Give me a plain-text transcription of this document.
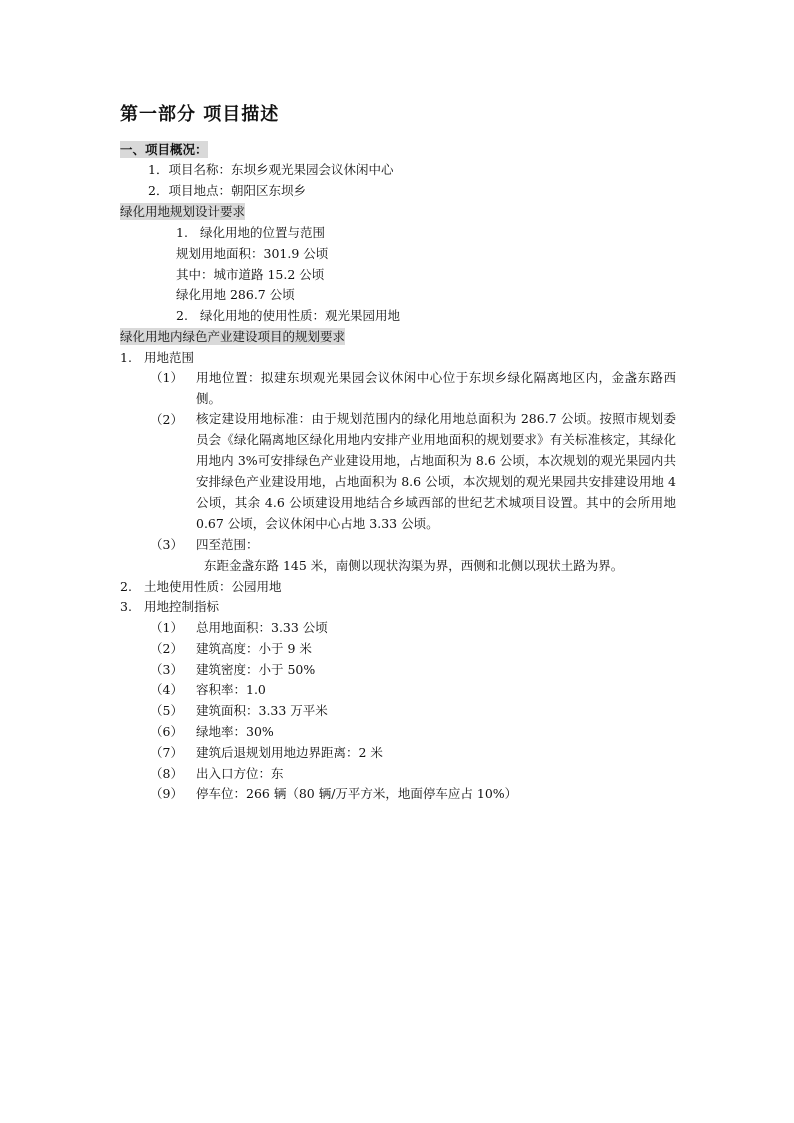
第一部分 项目描述
一、项目概况：
1．项目名称：东坝乡观光果园会议休闲中心
2．项目地点：朝阳区东坝乡
绿化用地规划设计要求
1. 绿化用地的位置与范围
规划用地面积：301.9 公顷
其中：城市道路 15.2 公顷
绿化用地 286.7 公顷
2. 绿化用地的使用性质：观光果园用地
绿化用地内绿色产业建设项目的规划要求
1. 用地范围
（1） 用地位置：拟建东坝观光果园会议休闲中心位于东坝乡绿化隔离地区内，金盏东路西侧。
（2） 核定建设用地标准：由于规划范围内的绿化用地总面积为 286.7 公顷。按照市规划委员会《绿化隔离地区绿化用地内安排产业用地面积的规划要求》有关标准核定，其绿化用地内 3%可安排绿色产业建设用地，占地面积为 8.6 公顷，本次规划的观光果园内共安排绿色产业建设用地，占地面积为 8.6 公顷，本次规划的观光果园共安排建设用地 4 公顷，其余 4.6 公顷建设用地结合乡域西部的世纪艺术城项目设置。其中的会所用地 0.67 公顷，会议休闲中心占地 3.33 公顷。
（3） 四至范围：
东距金盏东路 145 米，南侧以现状沟渠为界，西侧和北侧以现状土路为界。
2. 土地使用性质：公园用地
3. 用地控制指标
（1） 总用地面积：3.33 公顷
（2） 建筑高度：小于 9 米
（3） 建筑密度：小于 50%
（4） 容积率：1.0
（5） 建筑面积：3.33 万平米
（6） 绿地率：30%
（7） 建筑后退规划用地边界距离：2 米
（8） 出入口方位：东
（9） 停车位：266 辆（80 辆/万平方米，地面停车应占 10%）
